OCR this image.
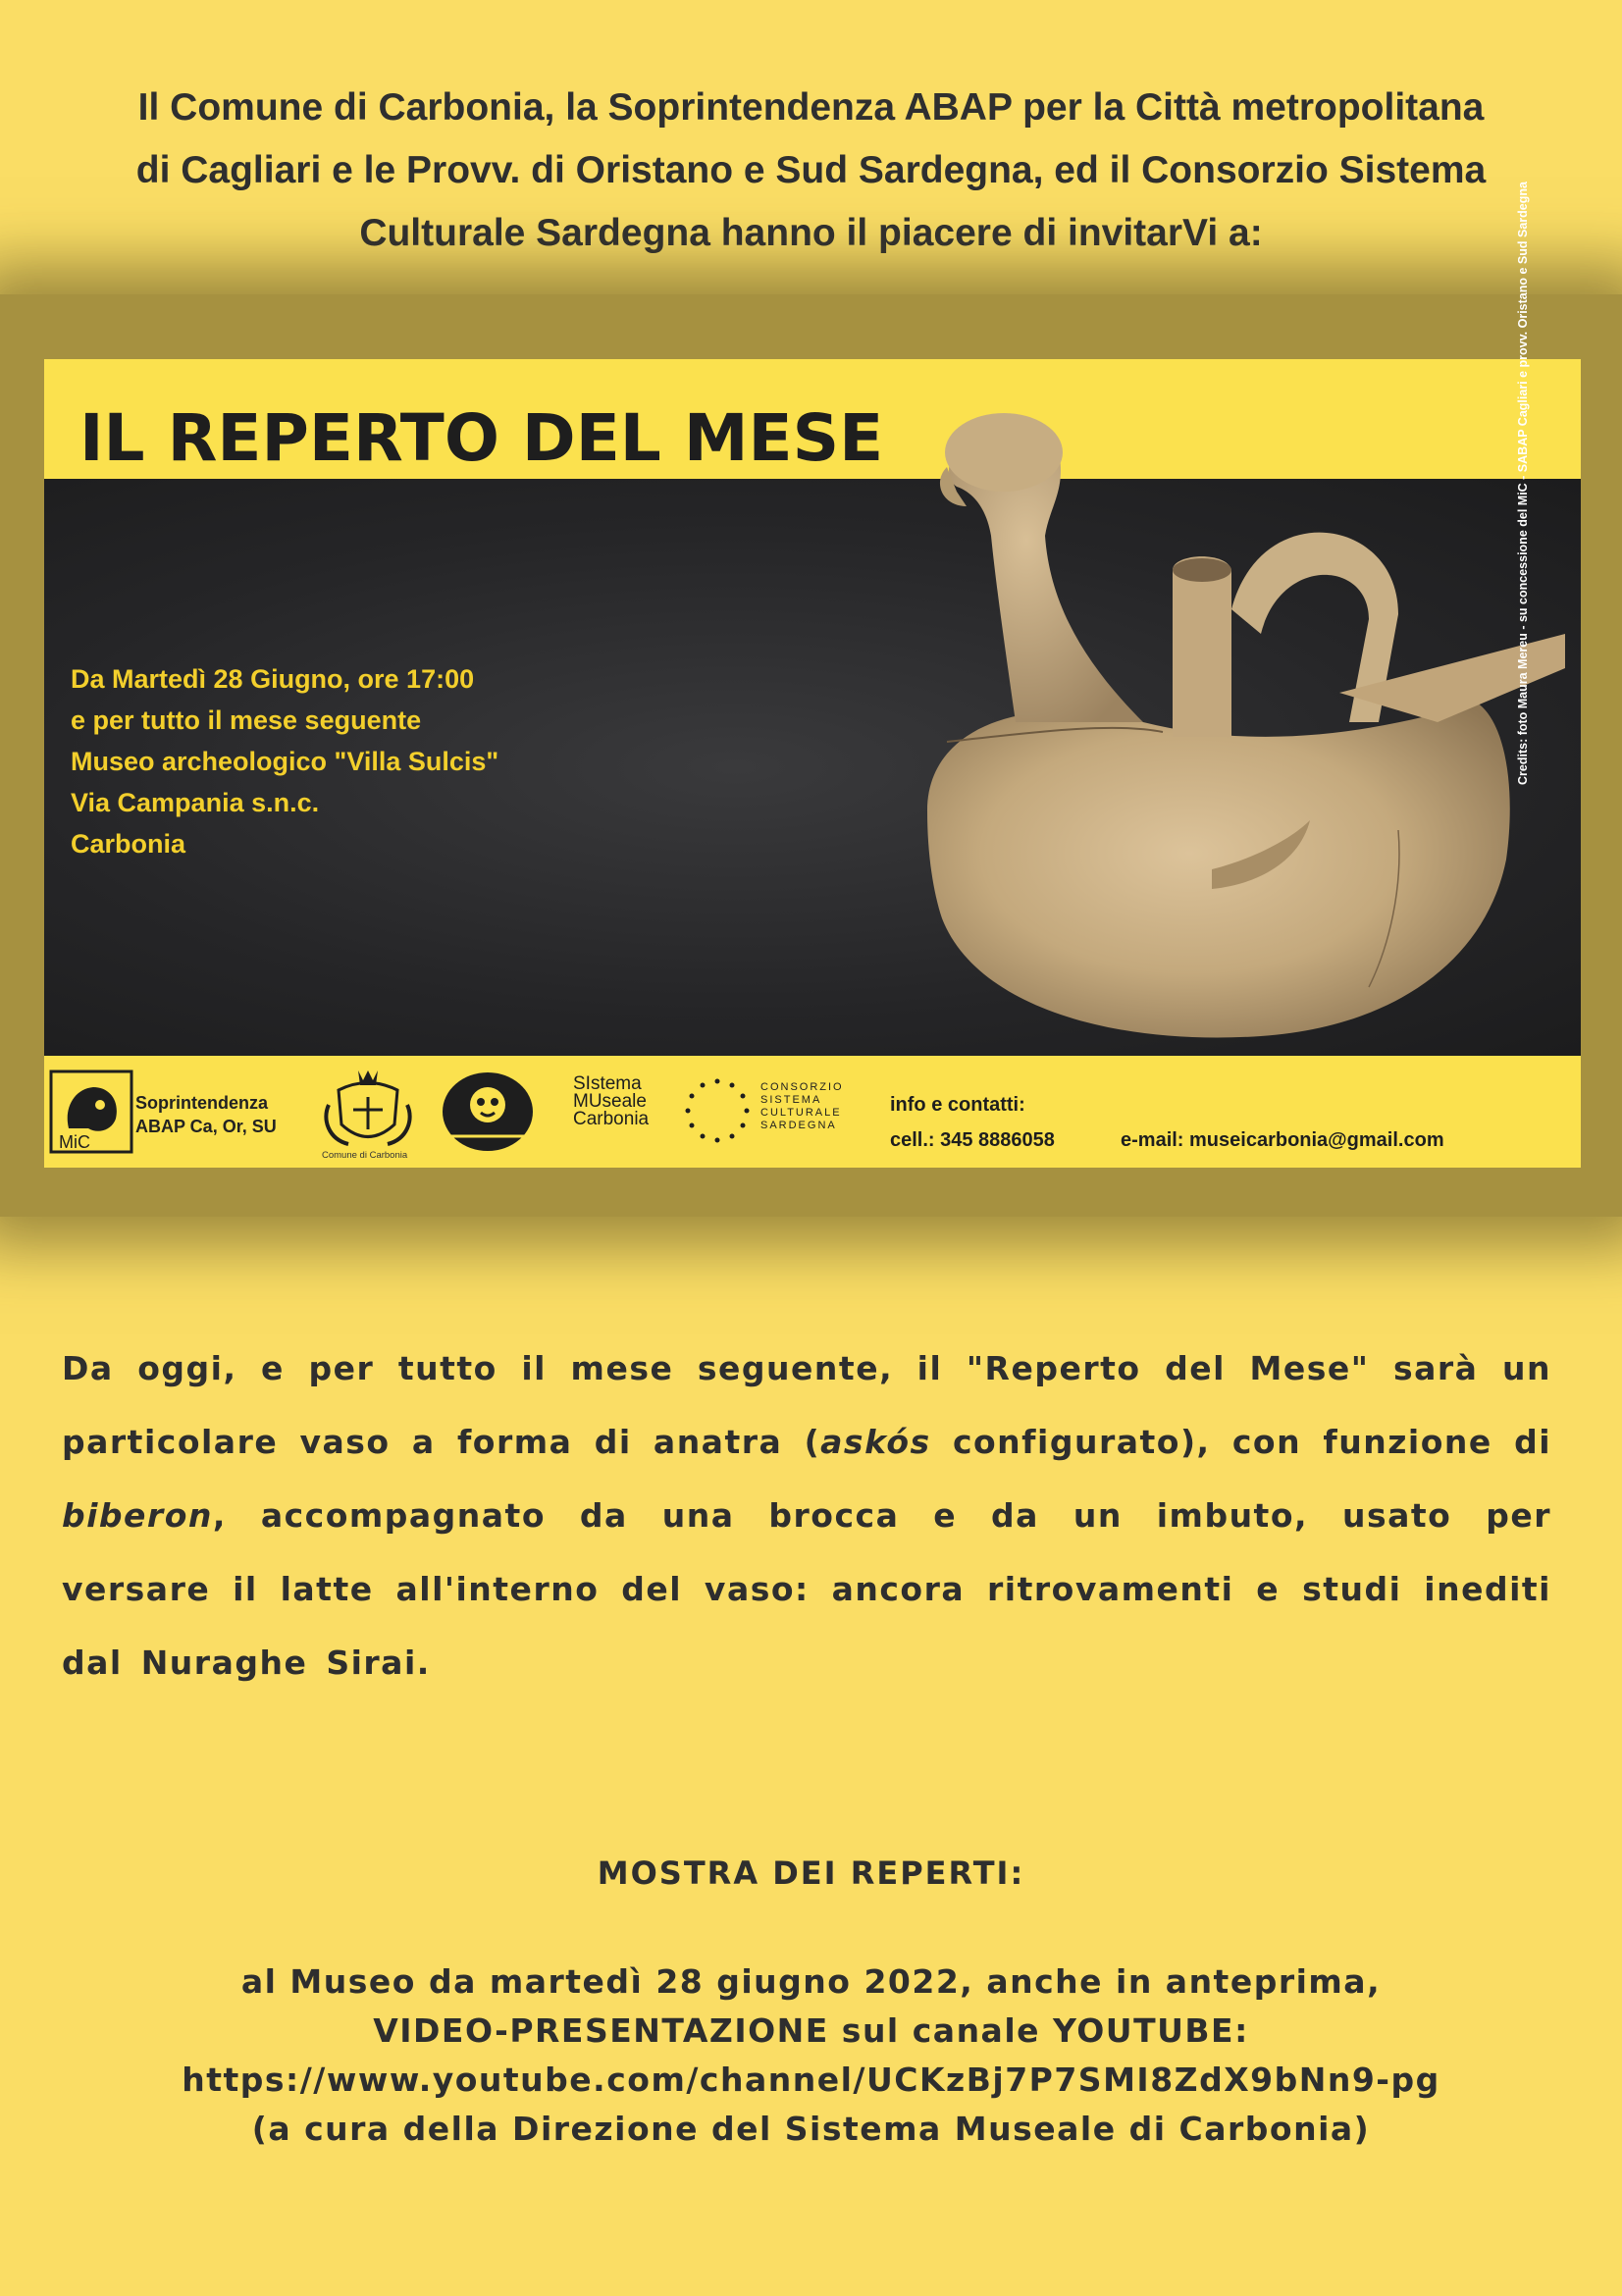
Il Comune di Carbonia, la Soprintendenza ABAP per la Città metropolitana
di Cagliari e le Provv. di Oristano e Sud Sardegna, ed il Consorzio Sistema
Culturale Sardegna hanno il piacere di invitarVi a:
IL REPERTO DEL MESE
Da Martedì 28 Giugno, ore 17:00
e per tutto il mese seguente
Museo archeologico "Villa Sulcis"
Via Campania s.n.c.
Carbonia
MiC
Soprintendenza
ABAP Ca, Or, SU
Comune di Carbonia
SIstema
MUseale
Carbonia
CONSORZIO
SISTEMA
CULTURALE
SARDEGNA
info e contatti:
cell.: 345 8886058	e-mail: museicarbonia@gmail.com
Credits: foto Maura Mereu - su concessione del MiC - SABAP Cagliari e provv. Oristano e Sud Sardegna
Da oggi, e per tutto il mese seguente, il "Reperto del Mese" sarà un particolare vaso a forma di anatra (askós configurato), con funzione di biberon, accompagnato da una brocca e da un imbuto, usato per versare il latte all'interno del vaso: ancora ritrovamenti e studi inediti dal Nuraghe Sirai.
MOSTRA DEI REPERTI:
al Museo da martedì 28 giugno 2022, anche in anteprima,
VIDEO-PRESENTAZIONE sul canale YOUTUBE:
https://www.youtube.com/channel/UCKzBj7P7SMI8ZdX9bNn9-pg
(a cura della Direzione del Sistema Museale di Carbonia)
